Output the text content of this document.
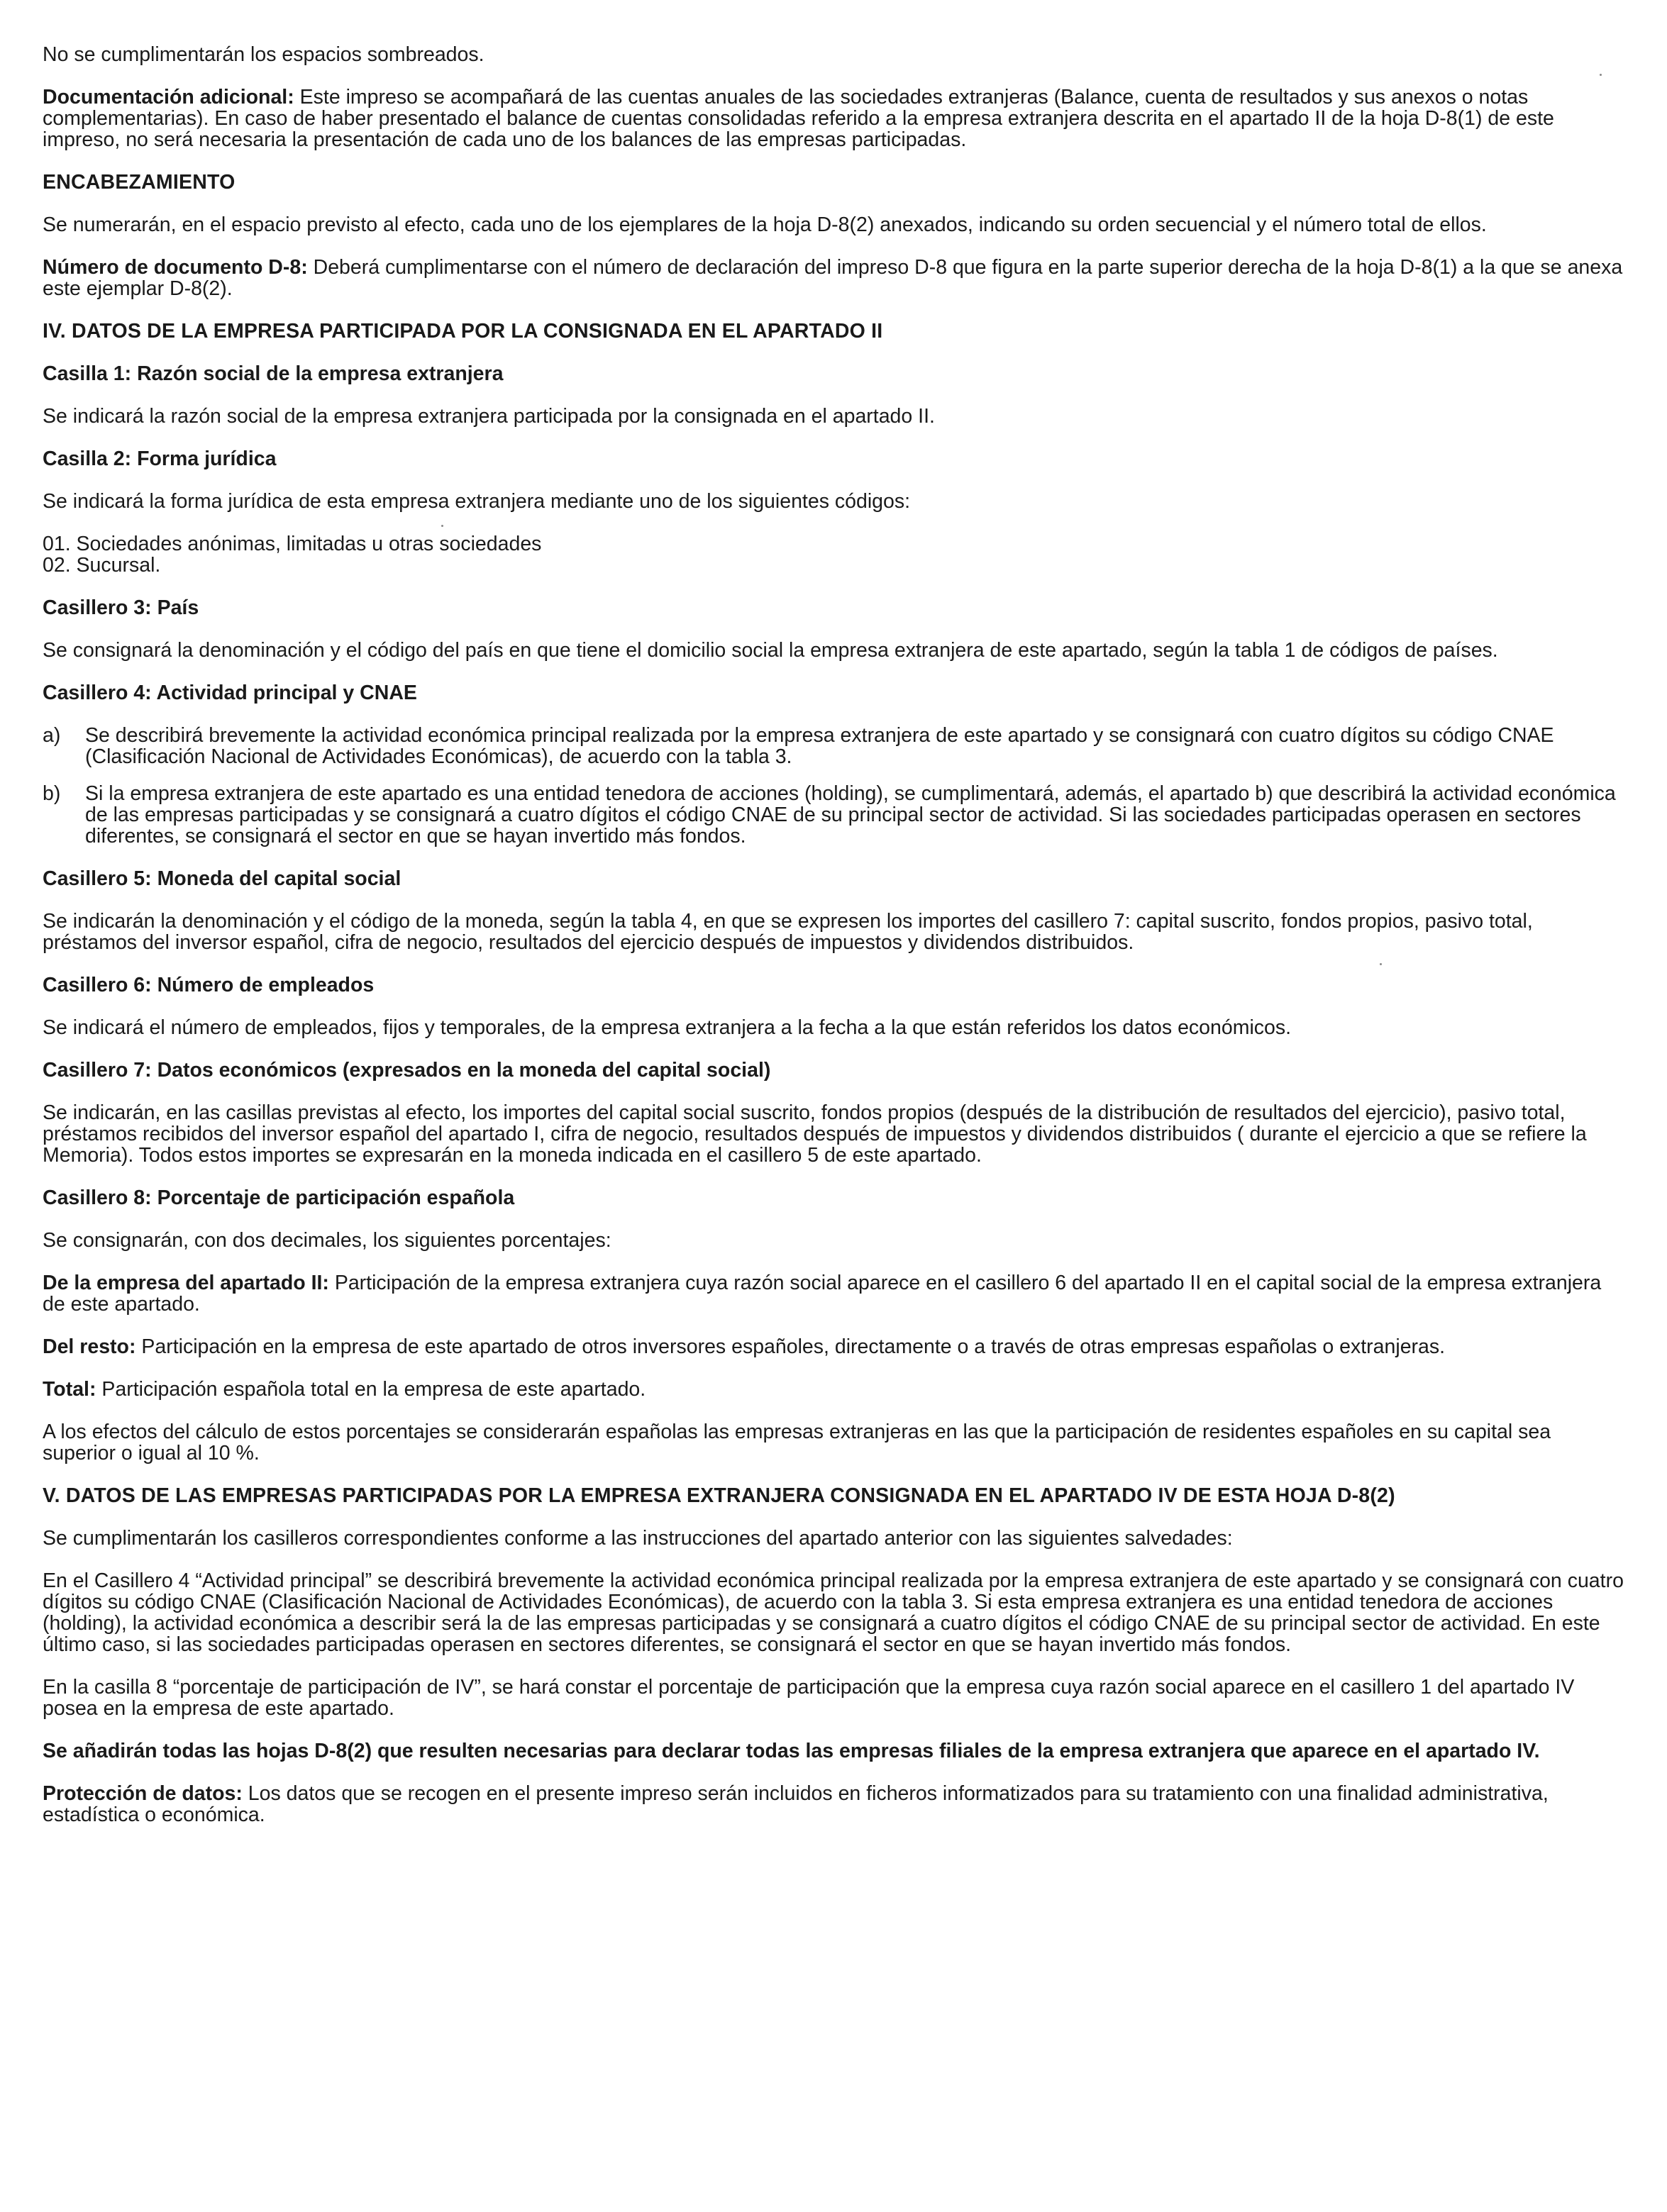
No se cumplimentarán los espacios sombreados.

Documentación adicional: Este impreso se acompañará de las cuentas anuales de las sociedades extranjeras (Balance, cuenta de resultados y sus anexos o notas complementarias). En caso de haber presentado el balance de cuentas consolidadas referido a la empresa extranjera descrita en el apartado II de la hoja D-8(1) de este impreso, no será necesaria la presentación de cada uno de los balances de las empresas participadas.

ENCABEZAMIENTO

Se numerarán, en el espacio previsto al efecto, cada uno de los ejemplares de la hoja D-8(2) anexados, indicando su orden secuencial y el número total de ellos.

Número de documento D-8: Deberá cumplimentarse con el número de declaración del impreso D-8 que figura en la parte superior derecha de la hoja D-8(1) a la que se anexa este ejemplar D-8(2).

IV. DATOS DE LA EMPRESA PARTICIPADA POR LA CONSIGNADA EN EL APARTADO II
Casilla 1: Razón social de la empresa extranjera

Se indicará la razón social de la empresa extranjera participada por la consignada en el apartado II.

Casilla 2: Forma jurídica

Se indicará la forma jurídica de esta empresa extranjera mediante uno de los siguientes códigos:

01. Sociedades anónimas, limitadas u otras sociedades
02. Sucursal.
Casillero 3: País

Se consignará la denominación y el código del país en que tiene el domicilio social la empresa extranjera de este apartado, según la tabla 1 de códigos de países.

Casillero 4: Actividad principal y CNAE
a)	Se describirá brevemente la actividad económica principal realizada por la empresa extranjera de este apartado y se consignará con cuatro dígitos su código CNAE (Clasificación Nacional de Actividades Económicas), de acuerdo con la tabla 3.
b)	Si la empresa extranjera de este apartado es una entidad tenedora de acciones (holding), se cumplimentará, además, el apartado b) que describirá la actividad económica de las empresas participadas y se consignará a cuatro dígitos el código CNAE de su principal sector de actividad. Si las sociedades participadas operasen en sectores diferentes, se consignará el sector en que se hayan invertido más fondos.
Casillero 5: Moneda del capital social

Se indicarán la denominación y el código de la moneda, según la tabla 4, en que se expresen los importes del casillero 7: capital suscrito, fondos propios, pasivo total, préstamos del inversor español, cifra de negocio, resultados del ejercicio después de impuestos y dividendos distribuidos.

Casillero 6: Número de empleados

Se indicará el número de empleados, fijos y temporales, de la empresa extranjera a la fecha a la que están referidos los datos económicos.

Casillero 7: Datos económicos (expresados en la moneda del capital social)

Se indicarán, en las casillas previstas al efecto, los importes del capital social suscrito, fondos propios (después de la distribución de resultados del ejercicio), pasivo total, préstamos recibidos del inversor español del apartado I, cifra de negocio, resultados después de impuestos y dividendos distribuidos ( durante el ejercicio a que se refiere la Memoria). Todos estos importes se expresarán en la moneda indicada en el casillero 5 de este apartado.

Casillero 8: Porcentaje de participación española

Se consignarán, con dos decimales, los siguientes porcentajes:

De la empresa del apartado II: Participación de la empresa extranjera cuya razón social aparece en el casillero 6 del apartado II en el capital social de la empresa extranjera de este apartado.

Del resto: Participación en la empresa de este apartado de otros inversores españoles, directamente o a través de otras empresas españolas o extranjeras.

Total: Participación española total en la empresa de este apartado.

A los efectos del cálculo de estos porcentajes se considerarán españolas las empresas extranjeras en las que la participación de residentes españoles en su capital sea superior o igual al 10 %.

V. DATOS DE LAS EMPRESAS PARTICIPADAS POR LA EMPRESA EXTRANJERA CONSIGNADA EN EL APARTADO IV DE ESTA HOJA D-8(2)

Se cumplimentarán los casilleros correspondientes conforme a las instrucciones del apartado anterior con las siguientes salvedades:

En el Casillero 4 “Actividad principal” se describirá brevemente la actividad económica principal realizada por la empresa extranjera de este apartado y se consignará con cuatro dígitos su código CNAE (Clasificación Nacional de Actividades Económicas), de acuerdo con la tabla 3. Si esta empresa extranjera es una entidad tenedora de acciones (holding), la actividad económica a describir será la de las empresas participadas y se consignará a cuatro dígitos el código CNAE de su principal sector de actividad. En este último caso, si las sociedades participadas operasen en sectores diferentes, se consignará el sector en que se hayan invertido más fondos.

En la casilla 8 “porcentaje de participación de IV”, se hará constar el porcentaje de participación que la empresa cuya razón social aparece en el casillero 1 del apartado IV posea en la empresa de este apartado.

Se añadirán todas las hojas D-8(2) que resulten necesarias para declarar todas las empresas filiales de la empresa extranjera que aparece en el apartado IV.

Protección de datos: Los datos que se recogen en el presente impreso serán incluidos en ficheros informatizados para su tratamiento con una finalidad administrativa, estadística o económica.
